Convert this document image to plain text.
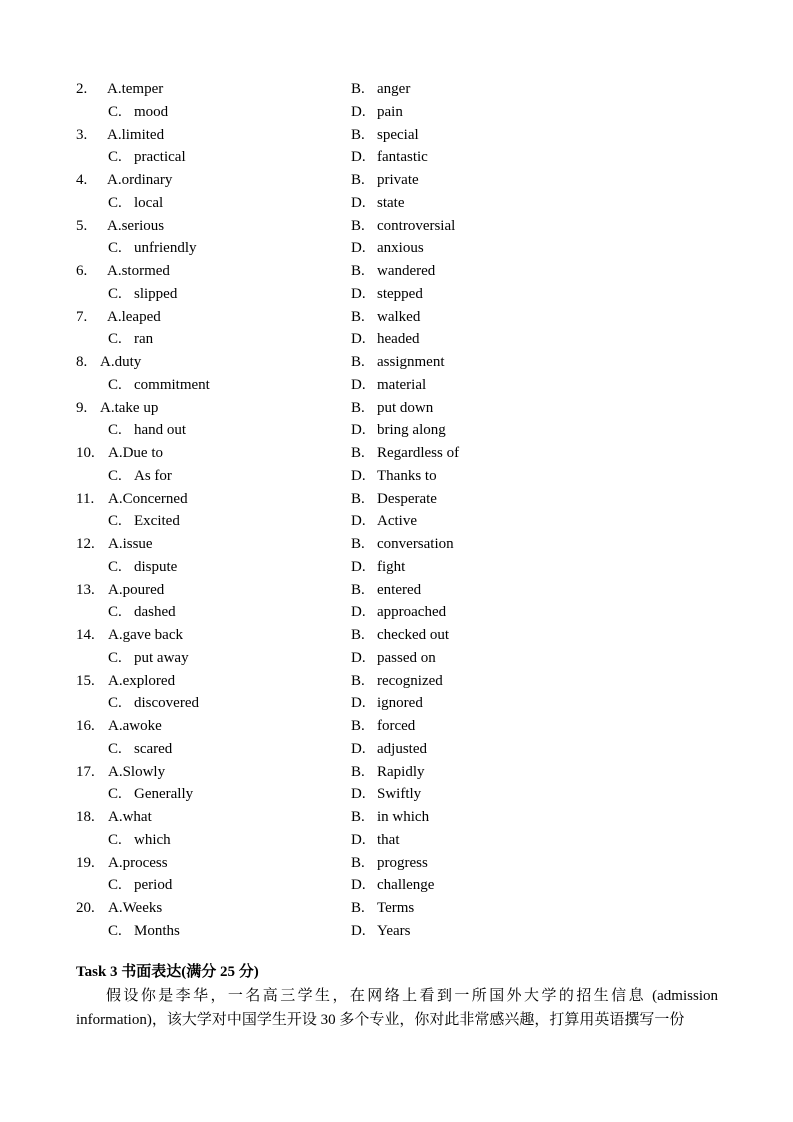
2. A.temper	B. anger
C. mood	D. pain
3. A.limited	B. special
C. practical	D. fantastic
4. A.ordinary	B. private
C. local	D. state
5. A.serious	B. controversial
C. unfriendly	D. anxious
6. A.stormed	B. wandered
C. slipped	D. stepped
7. A.leaped	B. walked
C. ran	D. headed
8. A.duty	B. assignment
C. commitment	D. material
9. A.take up	B. put down
C. hand out	D. bring along
10. A.Due to	B. Regardless of
C. As for	D. Thanks to
11. A.Concerned	B. Desperate
C. Excited	D. Active
12. A.issue	B. conversation
C. dispute	D. fight
13. A.poured	B. entered
C. dashed	D. approached
14. A.gave back	B. checked out
C. put away	D. passed on
15. A.explored	B. recognized
C. discovered	D. ignored
16. A.awoke	B. forced
C. scared	D. adjusted
17. A.Slowly	B. Rapidly
C. Generally	D. Swiftly
18. A.what	B. in which
C. which	D. that
19. A.process	B. progress
C. period	D. challenge
20. A.Weeks	B. Terms
C. Months	D. Years
Task 3 书面表达(满分 25 分)
假设你是李华，一名高三学生，在网络上看到一所国外大学的招生信息 (admission information)，该大学对中国学生开设 30 多个专业，你对此非常感兴趣，打算用英语撰写一份
